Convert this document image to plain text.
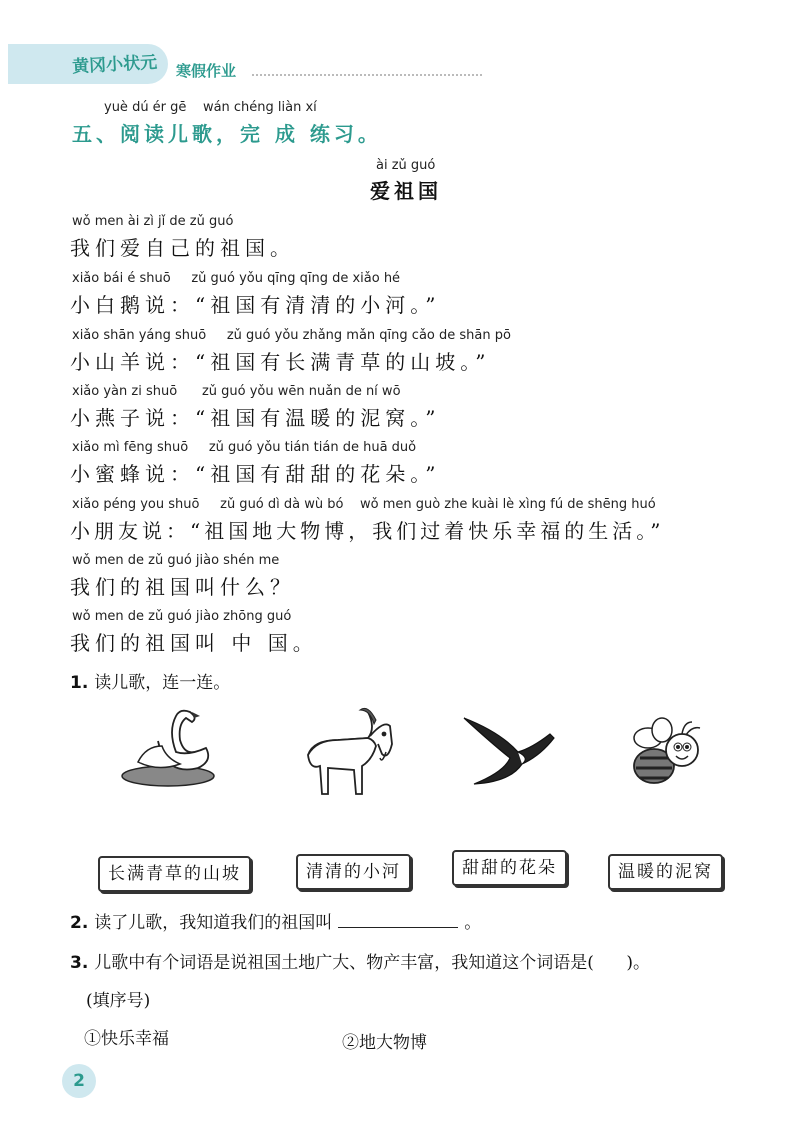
黄冈小状元 寒假作业
yuè dú ér gē    wán chéng liàn xí
五、阅读儿歌，完 成 练习。
ài zǔ guó
爱祖国
wǒ men ài zì jǐ de zǔ guó
我们爱自己的祖国。
xiǎo bái é shuō     zǔ guó yǒu qīng qīng de xiǎo hé
小白鹅说：“祖国有清清的小河。”
xiǎo shān yáng shuō     zǔ guó yǒu zhǎng mǎn qīng cǎo de shān pō
小山羊说：“祖国有长满青草的山坡。”
xiǎo yàn zi shuō      zǔ guó yǒu wēn nuǎn de ní wō
小燕子说：“祖国有温暖的泥窝。”
xiǎo mì fēng shuō     zǔ guó yǒu tián tián de huā duǒ
小蜜蜂说：“祖国有甜甜的花朵。”
xiǎo péng you shuō     zǔ guó dì dà wù bó    wǒ men guò zhe kuài lè xìng fú de shēng huó
小朋友说：“祖国地大物博，我们过着快乐幸福的生活。”
wǒ men de zǔ guó jiào shén me
我们的祖国叫什么？
wǒ men de zǔ guó jiào zhōng guó
我们的祖国叫 中 国。
1. 读儿歌，连一连。
长满青草的山坡	清清的小河	甜甜的花朵	温暖的泥窝
2. 读了儿歌，我知道我们的祖国叫	。
3. 儿歌中有个词语是说祖国土地广大、物产丰富，我知道这个词语是(      )。
(填序号)
①快乐幸福	②地大物博
2
